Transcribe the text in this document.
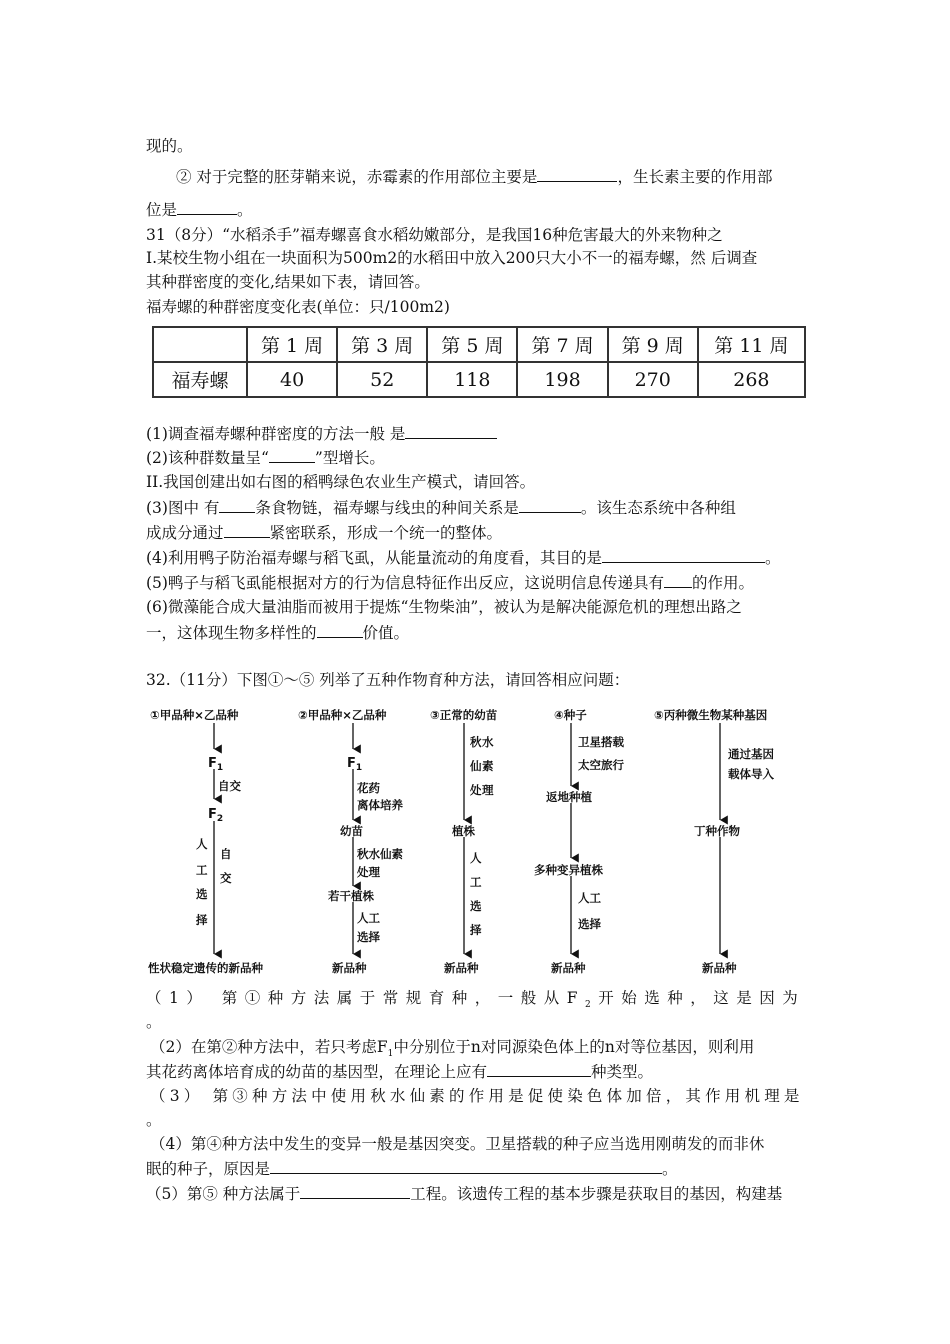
现的。
② 对于完整的胚芽鞘来说，赤霉素的作用部位主要是	，生长素主要的作用部
位是	。
31（8分）“水稻杀手”福寿螺喜食水稻幼嫩部分，是我国16种危害最大的外来物种之
I.某校生物小组在一块面积为500m2的水稻田中放入200只大小不一的福寿螺，然 后调查
其种群密度的变化,结果如下表，请回答。
福寿螺的种群密度变化表(单位：只/100m2)
	第 1 周	第 3 周	第 5 周	第 7 周	第 9 周	第 11 周
福寿螺	40	52	118	198	270	268
(1)调查福寿螺种群密度的方法一般 是
(2)该种群数量呈“	”型增长。
II.我国创建出如右图的稻鸭绿色农业生产模式，请回答。
(3)图中 有 条食物链，福寿螺与线虫的种间关系是	。该生态系统中各种组
成成分通过	紧密联系，形成一个统一的整体。
(4)利用鸭子防治福寿螺与稻飞虱，从能量流动的角度看，其目的是	。
(5)鸭子与稻飞虱能根据对方的行为信息特征作出反应，这说明信息传递具有 的作用。
(6)微藻能合成大量油脂而被用于提炼“生物柴油”，被认为是解决能源危机的理想出路之
一，这体现生物多样性的	价值。
32.（11分）下图①～⑤ 列举了五种作物育种方法，请回答相应问题：
①甲品种×乙品种
$F_1$
自交
$F_2$
人
工
选
择
自
交
性状稳定遗传的新品种
②甲品种×乙品种
$F_1$
花药
离体培养
幼苗
秋水仙素
处理
若干植株
人工
选择
新品种
③正常的幼苗
秋 水
仙 素
处 理
植株
人
工
选
择
新品种
④种子
卫星搭载
太空旅行
返地种植
多种变异植株
人工
选择
新品种
⑤丙种微生物某种基因
通过基因
载体导入
丁种作物
新品种
（1） 第①种方法属于常规育种，一般从$F_2$开始选种，这是因为
。
（2）在第②种方法中，若只考虑$F_1$中分别位于n对同源染色体上的n对等位基因，则利用
其花药离体培育成的幼苗的基因型，在理论上应有	种类型。
（3） 第③种方法中使用秋水仙素的作用是促使染色体加倍，其作用机理是
。
（4）第④种方法中发生的变异一般是基因突变。卫星搭载的种子应当选用刚萌发的而非休
眠的种子，原因是	。
（5）第⑤ 种方法属于	工程。该遗传工程的基本步骤是获取目的基因，构建基
